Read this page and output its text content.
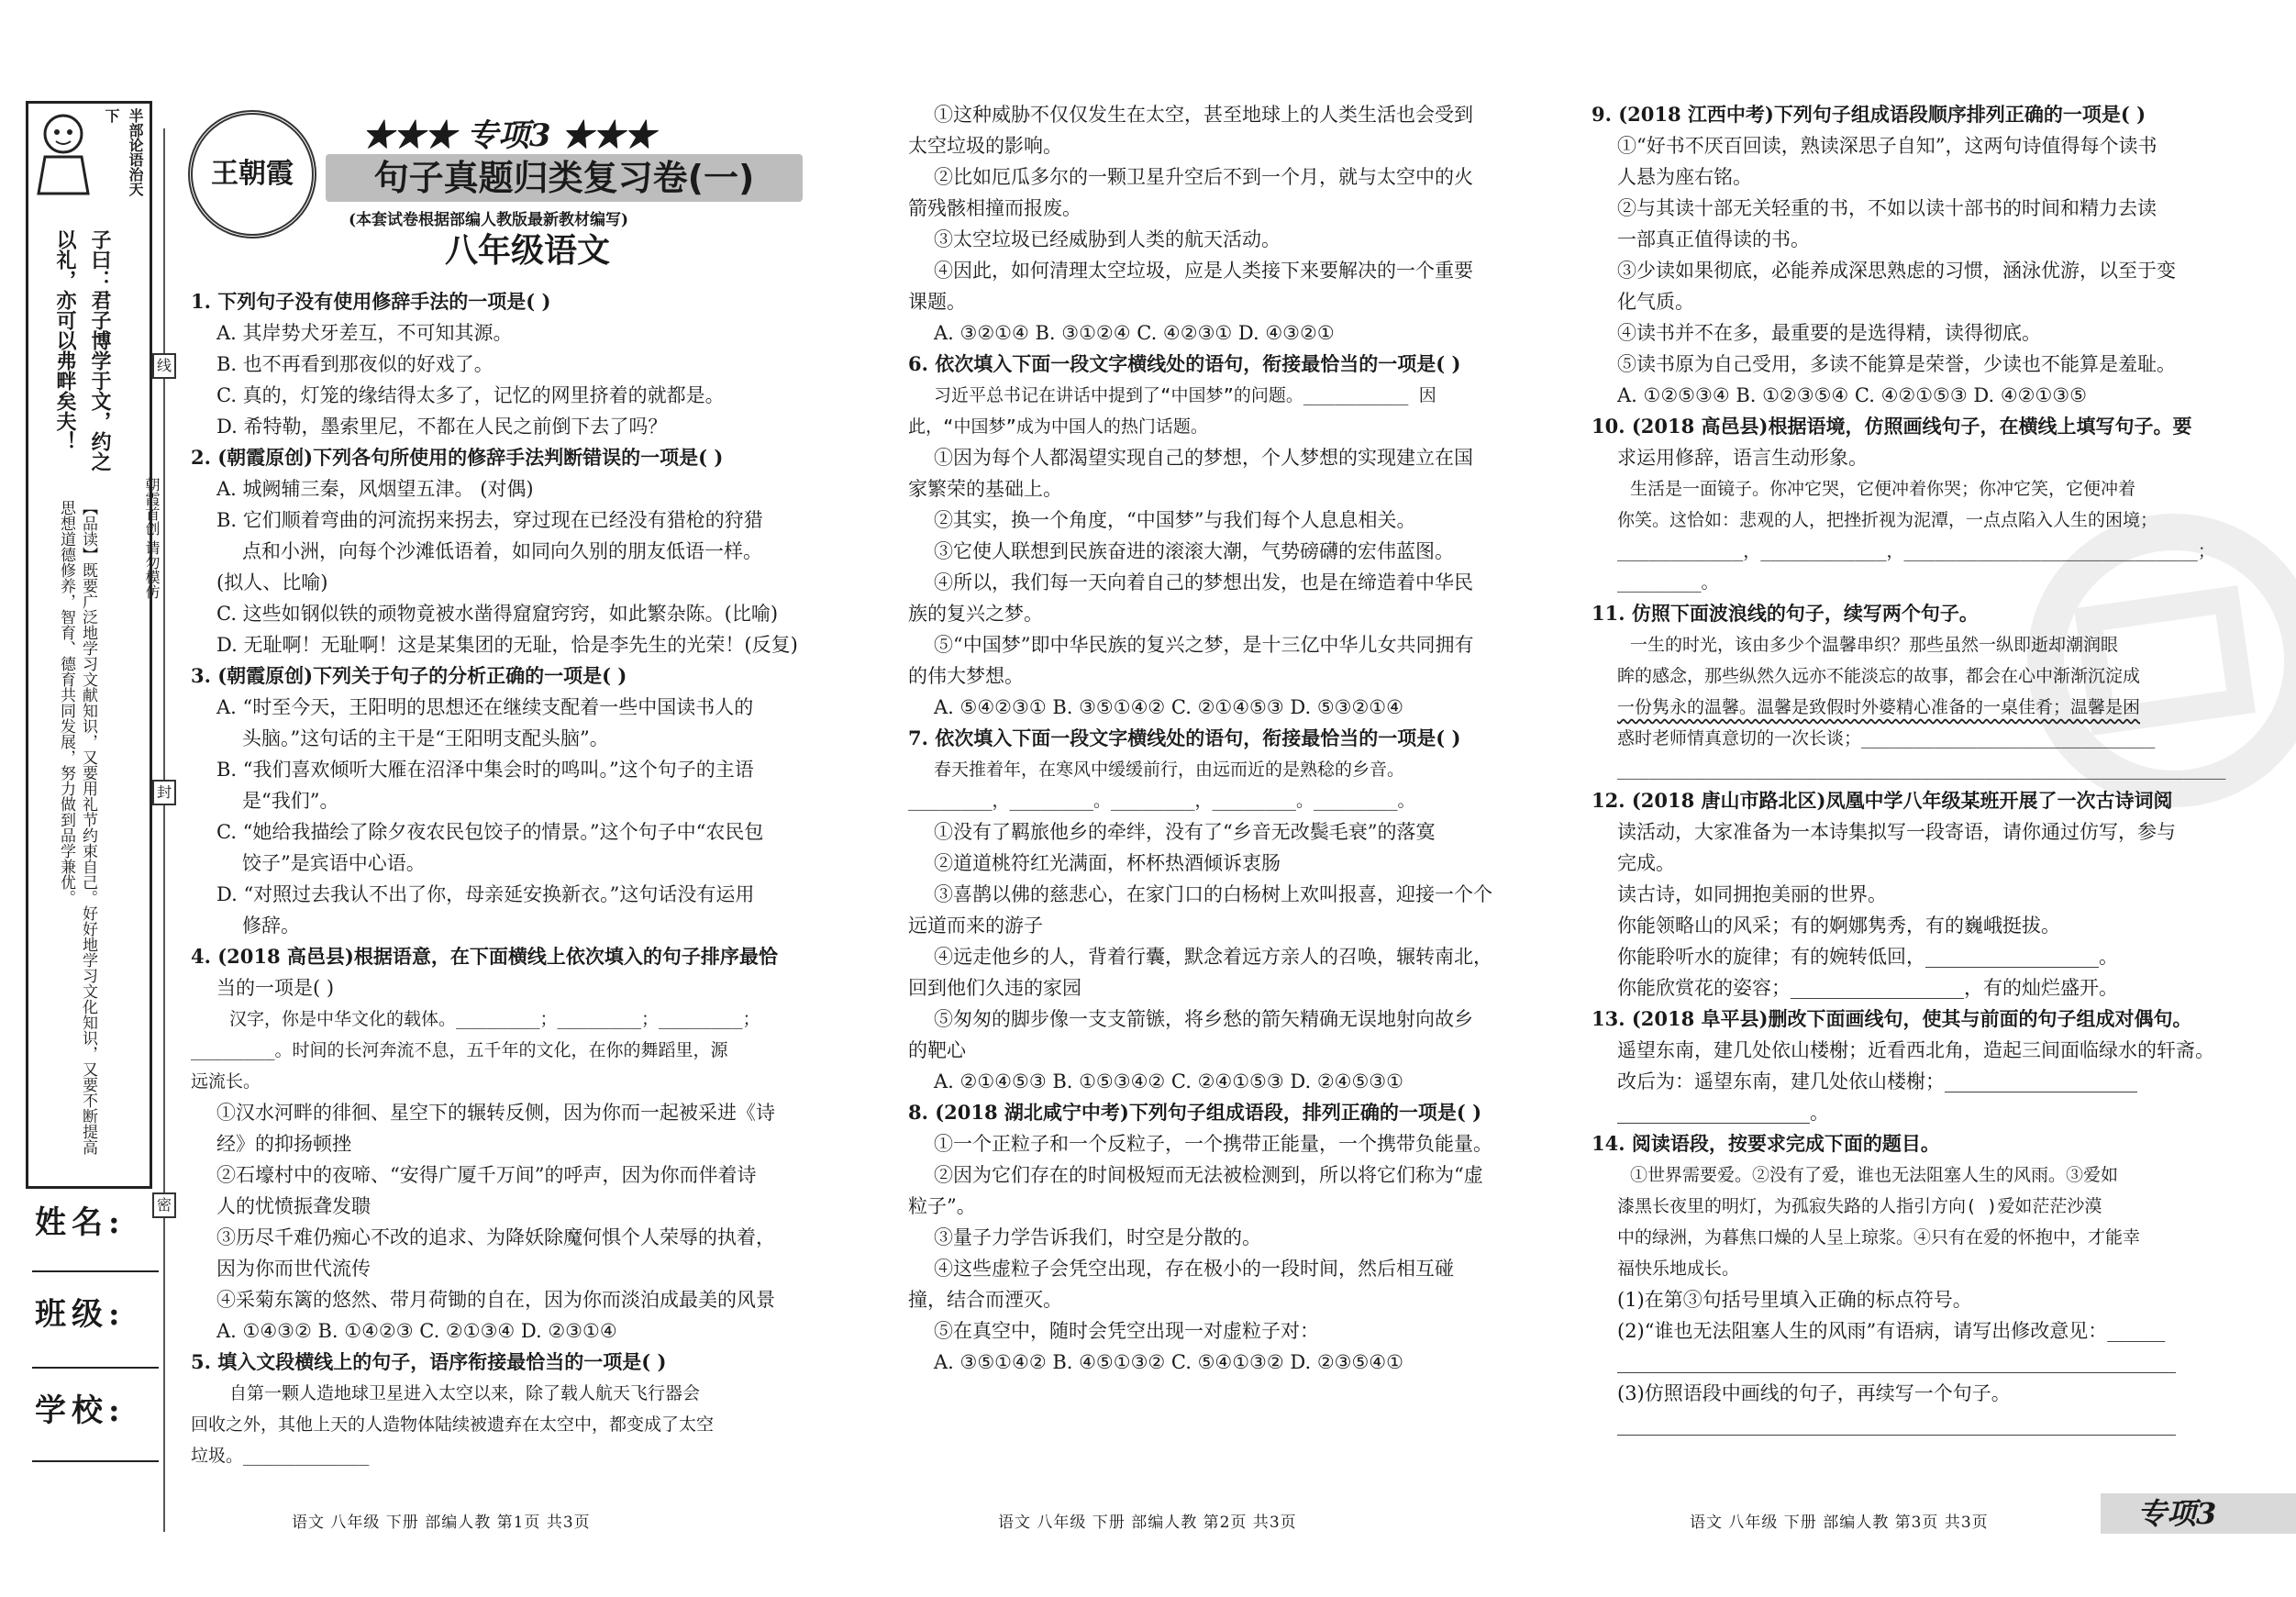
半部论语治天下
子曰：君子博学于文，约之
以礼，亦可以弗畔矣夫！
朝霞首创 请勿模仿
【品读】既要广泛地学习文献知识，又要用礼节约束自己。好好地学习文化知识，又要不断提高思想道德修养，智育、德育共同发展，努力做到品学兼优。
线
封
密
姓名:
班级:
学校:
王朝霞
★★★ 专项3 ★★★
句子真题归类复习卷(一)
(本套试卷根据部编人教版最新教材编写)
八年级语文

1. 下列句子没有使用修辞手法的一项是( )

A. 其岸势犬牙差互，不可知其源。

B. 也不再看到那夜似的好戏了。

C. 真的，灯笼的缘结得太多了，记忆的网里挤着的就都是。

D. 希特勒，墨索里尼，不都在人民之前倒下去了吗？

2. (朝霞原创)下列各句所使用的修辞手法判断错误的一项是( )

A. 城阙辅三秦，风烟望五津。 (对偶)

B. 它们顺着弯曲的河流拐来拐去，穿过现在已经没有猎枪的狩猎

点和小洲，向每个沙滩低语着，如同向久别的朋友低语一样。

(拟人、比喻)

C. 这些如钢似铁的顽物竟被水凿得窟窟窍窍，如此繁杂陈。(比喻)

D. 无耻啊！无耻啊！这是某集团的无耻，恰是李先生的光荣！(反复)

3. (朝霞原创)下列关于句子的分析正确的一项是( )

A. “时至今天，王阳明的思想还在继续支配着一些中国读书人的

头脑。”这句话的主干是“王阳明支配头脑”。

B. “我们喜欢倾听大雁在沼泽中集会时的鸣叫。”这个句子的主语

是“我们”。

C. “她给我描绘了除夕夜农民包饺子的情景。”这个句子中“农民包

饺子”是宾语中心语。

D. “对照过去我认不出了你，母亲延安换新衣。”这句话没有运用

修辞。

4. (2018 高邑县)根据语意，在下面横线上依次填入的句子排序最恰

当的一项是( )

汉字，你是中华文化的载体。________；________；________；

________。时间的长河奔流不息，五千年的文化，在你的舞蹈里，源

远流长。

①汉水河畔的徘徊、星空下的辗转反侧，因为你而一起被采进《诗

经》的抑扬顿挫

②石壕村中的夜啼、“安得广厦千万间”的呼声，因为你而伴着诗

人的忧愤振聋发聩

③历尽千难仍痴心不改的追求、为降妖除魔何惧个人荣辱的执着，

因为你而世代流传

④采菊东篱的悠然、带月荷锄的自在，因为你而淡泊成最美的风景

A. ①④③② B. ①④②③ C. ②①③④ D. ②③①④

5. 填入文段横线上的句子，语序衔接最恰当的一项是( )

自第一颗人造地球卫星进入太空以来，除了载人航天飞行器会

回收之外，其他上天的人造物体陆续被遗弃在太空中，都变成了太空

垃圾。____________

①这种威胁不仅仅发生在太空，甚至地球上的人类生活也会受到

太空垃圾的影响。

②比如厄瓜多尔的一颗卫星升空后不到一个月，就与太空中的火

箭残骸相撞而报废。

③太空垃圾已经威胁到人类的航天活动。

④因此，如何清理太空垃圾，应是人类接下来要解决的一个重要

课题。

A. ③②①④ B. ③①②④ C. ④②③① D. ④③②①

6. 依次填入下面一段文字横线处的语句，衔接最恰当的一项是( )

习近平总书记在讲话中提到了“中国梦”的问题。__________ 因

此，“中国梦”成为中国人的热门话题。

①因为每个人都渴望实现自己的梦想，个人梦想的实现建立在国

家繁荣的基础上。

②其实，换一个角度，“中国梦”与我们每个人息息相关。

③它使人联想到民族奋进的滚滚大潮，气势磅礴的宏伟蓝图。

④所以，我们每一天向着自己的梦想出发，也是在缔造着中华民

族的复兴之梦。

⑤“中国梦”即中华民族的复兴之梦，是十三亿中华儿女共同拥有

的伟大梦想。

A. ⑤④②③① B. ③⑤①④② C. ②①④⑤③ D. ⑤③②①④

7. 依次填入下面一段文字横线处的语句，衔接最恰当的一项是( )

春天推着年，在寒风中缓缓前行，由远而近的是熟稔的乡音。

________，________。________，________。________。

①没有了羁旅他乡的牵绊，没有了“乡音无改鬓毛衰”的落寞

②道道桃符红光满面，杯杯热酒倾诉衷肠

③喜鹊以佛的慈悲心，在家门口的白杨树上欢叫报喜，迎接一个个

远道而来的游子

④远走他乡的人，背着行囊，默念着远方亲人的召唤，辗转南北，

回到他们久违的家园

⑤匆匆的脚步像一支支箭镞，将乡愁的箭矢精确无误地射向故乡

的靶心

A. ②①④⑤③ B. ①⑤③④② C. ②④①⑤③ D. ②④⑤③①

8. (2018 湖北咸宁中考)下列句子组成语段，排列正确的一项是( )

①一个正粒子和一个反粒子，一个携带正能量，一个携带负能量。

②因为它们存在的时间极短而无法被检测到，所以将它们称为“虚

粒子”。

③量子力学告诉我们，时空是分散的。

④这些虚粒子会凭空出现，存在极小的一段时间，然后相互碰

撞，结合而湮灭。

⑤在真空中，随时会凭空出现一对虚粒子对：

A. ③⑤①④② B. ④⑤①③② C. ⑤④①③② D. ②③⑤④①

9. (2018 江西中考)下列句子组成语段顺序排列正确的一项是( )

①“好书不厌百回读，熟读深思子自知”，这两句诗值得每个读书

人悬为座右铭。

②与其读十部无关轻重的书，不如以读十部书的时间和精力去读

一部真正值得读的书。

③少读如果彻底，必能养成深思熟虑的习惯，涵泳优游，以至于变

化气质。

④读书并不在多，最重要的是选得精，读得彻底。

⑤读书原为自己受用，多读不能算是荣誉，少读也不能算是羞耻。

A. ①②⑤③④ B. ①②③⑤④ C. ④②①⑤③ D. ④②①③⑤

10. (2018 高邑县)根据语境，仿照画线句子，在横线上填写句子。要

求运用修辞，语言生动形象。

生活是一面镜子。你冲它哭，它便冲着你哭；你冲它笑，它便冲着

你笑。这恰如：悲观的人，把挫折视为泥潭，一点点陷入人生的困境；

____________，____________，____________________________；

________。

11. 仿照下面波浪线的句子，续写两个句子。

一生的时光，该由多少个温馨串织？那些虽然一纵即逝却潮润眼

眸的感念，那些纵然久远亦不能淡忘的故事，都会在心中渐渐沉淀成

一份隽永的温馨。温馨是致假时外婆精心准备的一桌佳肴；温馨是困

惑时老师情真意切的一次长谈；____________________________

__________________________________________________________

12. (2018 唐山市路北区)凤凰中学八年级某班开展了一次古诗词阅

读活动，大家准备为一本诗集拟写一段寄语，请你通过仿写，参与

完成。

读古诗，如同拥抱美丽的世界。

你能领略山的风采；有的婀娜隽秀，有的巍峨挺拔。

你能聆听水的旋律；有的婉转低回，__________________。

你能欣赏花的姿容；__________________，有的灿烂盛开。

13. (2018 阜平县)删改下面画线句，使其与前面的句子组成对偶句。

遥望东南，建几处依山楼榭；近看西北角，造起三间面临绿水的轩斋。

改后为：遥望东南，建几处依山楼榭；____________________

____________________。

14. 阅读语段，按要求完成下面的题目。

①世界需要爱。②没有了爱，谁也无法阻塞人生的风雨。③爱如

漆黑长夜里的明灯，为孤寂失路的人指引方向( )爱如茫茫沙漠

中的绿洲，为暮焦口燥的人呈上琼浆。④只有在爱的怀抱中，才能幸

福快乐地成长。

(1)在第③句括号里填入正确的标点符号。

(2)“谁也无法阻塞人生的风雨”有语病，请写出修改意见：______

__________________________________________________________

(3)仿照语段中画线的句子，再续写一个句子。

__________________________________________________________

语文 八年级 下册 部编人教 第1页 共3页	语文 八年级 下册 部编人教 第2页 共3页	语文 八年级 下册 部编人教 第3页 共3页	专项3
